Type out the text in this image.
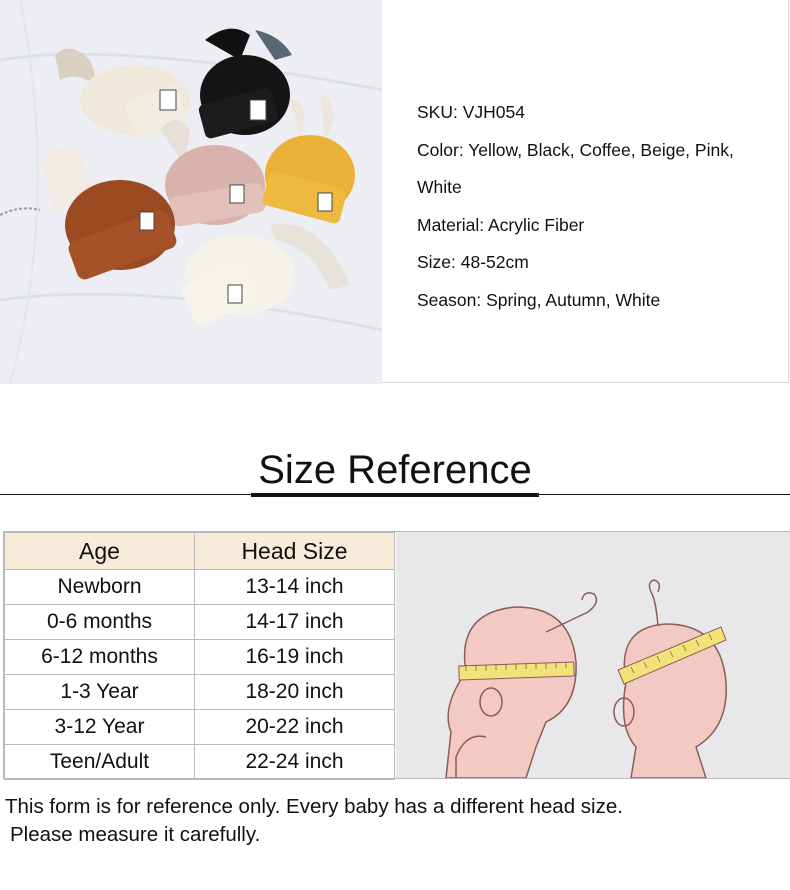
SKU: VJH054
Color: Yellow, Black, Coffee, Beige, Pink,
White
Material: Acrylic Fiber
Size: 48-52cm
Season: Spring, Autumn, White
Size Reference
Age	Head Size
Newborn	13-14 inch
0-6 months	14-17 inch
6-12 months	16-19 inch
1-3 Year	18-20 inch
3-12 Year	20-22 inch
Teen/Adult	22-24 inch
This form is for reference only. Every baby has a different head size.
Please measure it carefully.
